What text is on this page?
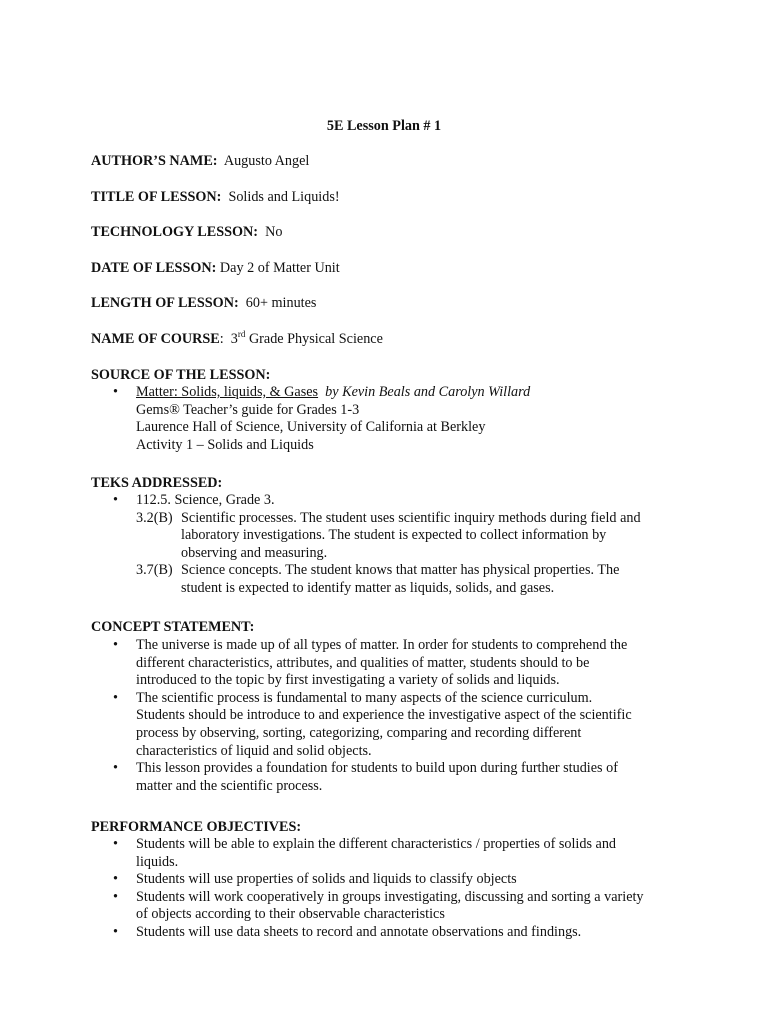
5E Lesson Plan # 1
AUTHOR’S NAME: Augusto Angel
TITLE OF LESSON: Solids and Liquids!
TECHNOLOGY LESSON: No
DATE OF LESSON: Day 2 of Matter Unit
LENGTH OF LESSON: 60+ minutes
NAME OF COURSE: 3rd Grade Physical Science
SOURCE OF THE LESSON:
• Matter: Solids, liquids, & Gases by Kevin Beals and Carolyn Willard
Gems® Teacher’s guide for Grades 1-3
Laurence Hall of Science, University of California at Berkley
Activity 1 – Solids and Liquids
TEKS ADDRESSED:
• 112.5. Science, Grade 3.
3.2(B) Scientific processes. The student uses scientific inquiry methods during field and
laboratory investigations. The student is expected to collect information by
observing and measuring.
3.7(B) Science concepts. The student knows that matter has physical properties. The
student is expected to identify matter as liquids, solids, and gases.
CONCEPT STATEMENT:
• The universe is made up of all types of matter. In order for students to comprehend the
different characteristics, attributes, and qualities of matter, students should to be
introduced to the topic by first investigating a variety of solids and liquids.
• The scientific process is fundamental to many aspects of the science curriculum.
Students should be introduce to and experience the investigative aspect of the scientific
process by observing, sorting, categorizing, comparing and recording different
characteristics of liquid and solid objects.
• This lesson provides a foundation for students to build upon during further studies of
matter and the scientific process.
PERFORMANCE OBJECTIVES:
• Students will be able to explain the different characteristics / properties of solids and
liquids.
• Students will use properties of solids and liquids to classify objects
• Students will work cooperatively in groups investigating, discussing and sorting a variety
of objects according to their observable characteristics
• Students will use data sheets to record and annotate observations and findings.
